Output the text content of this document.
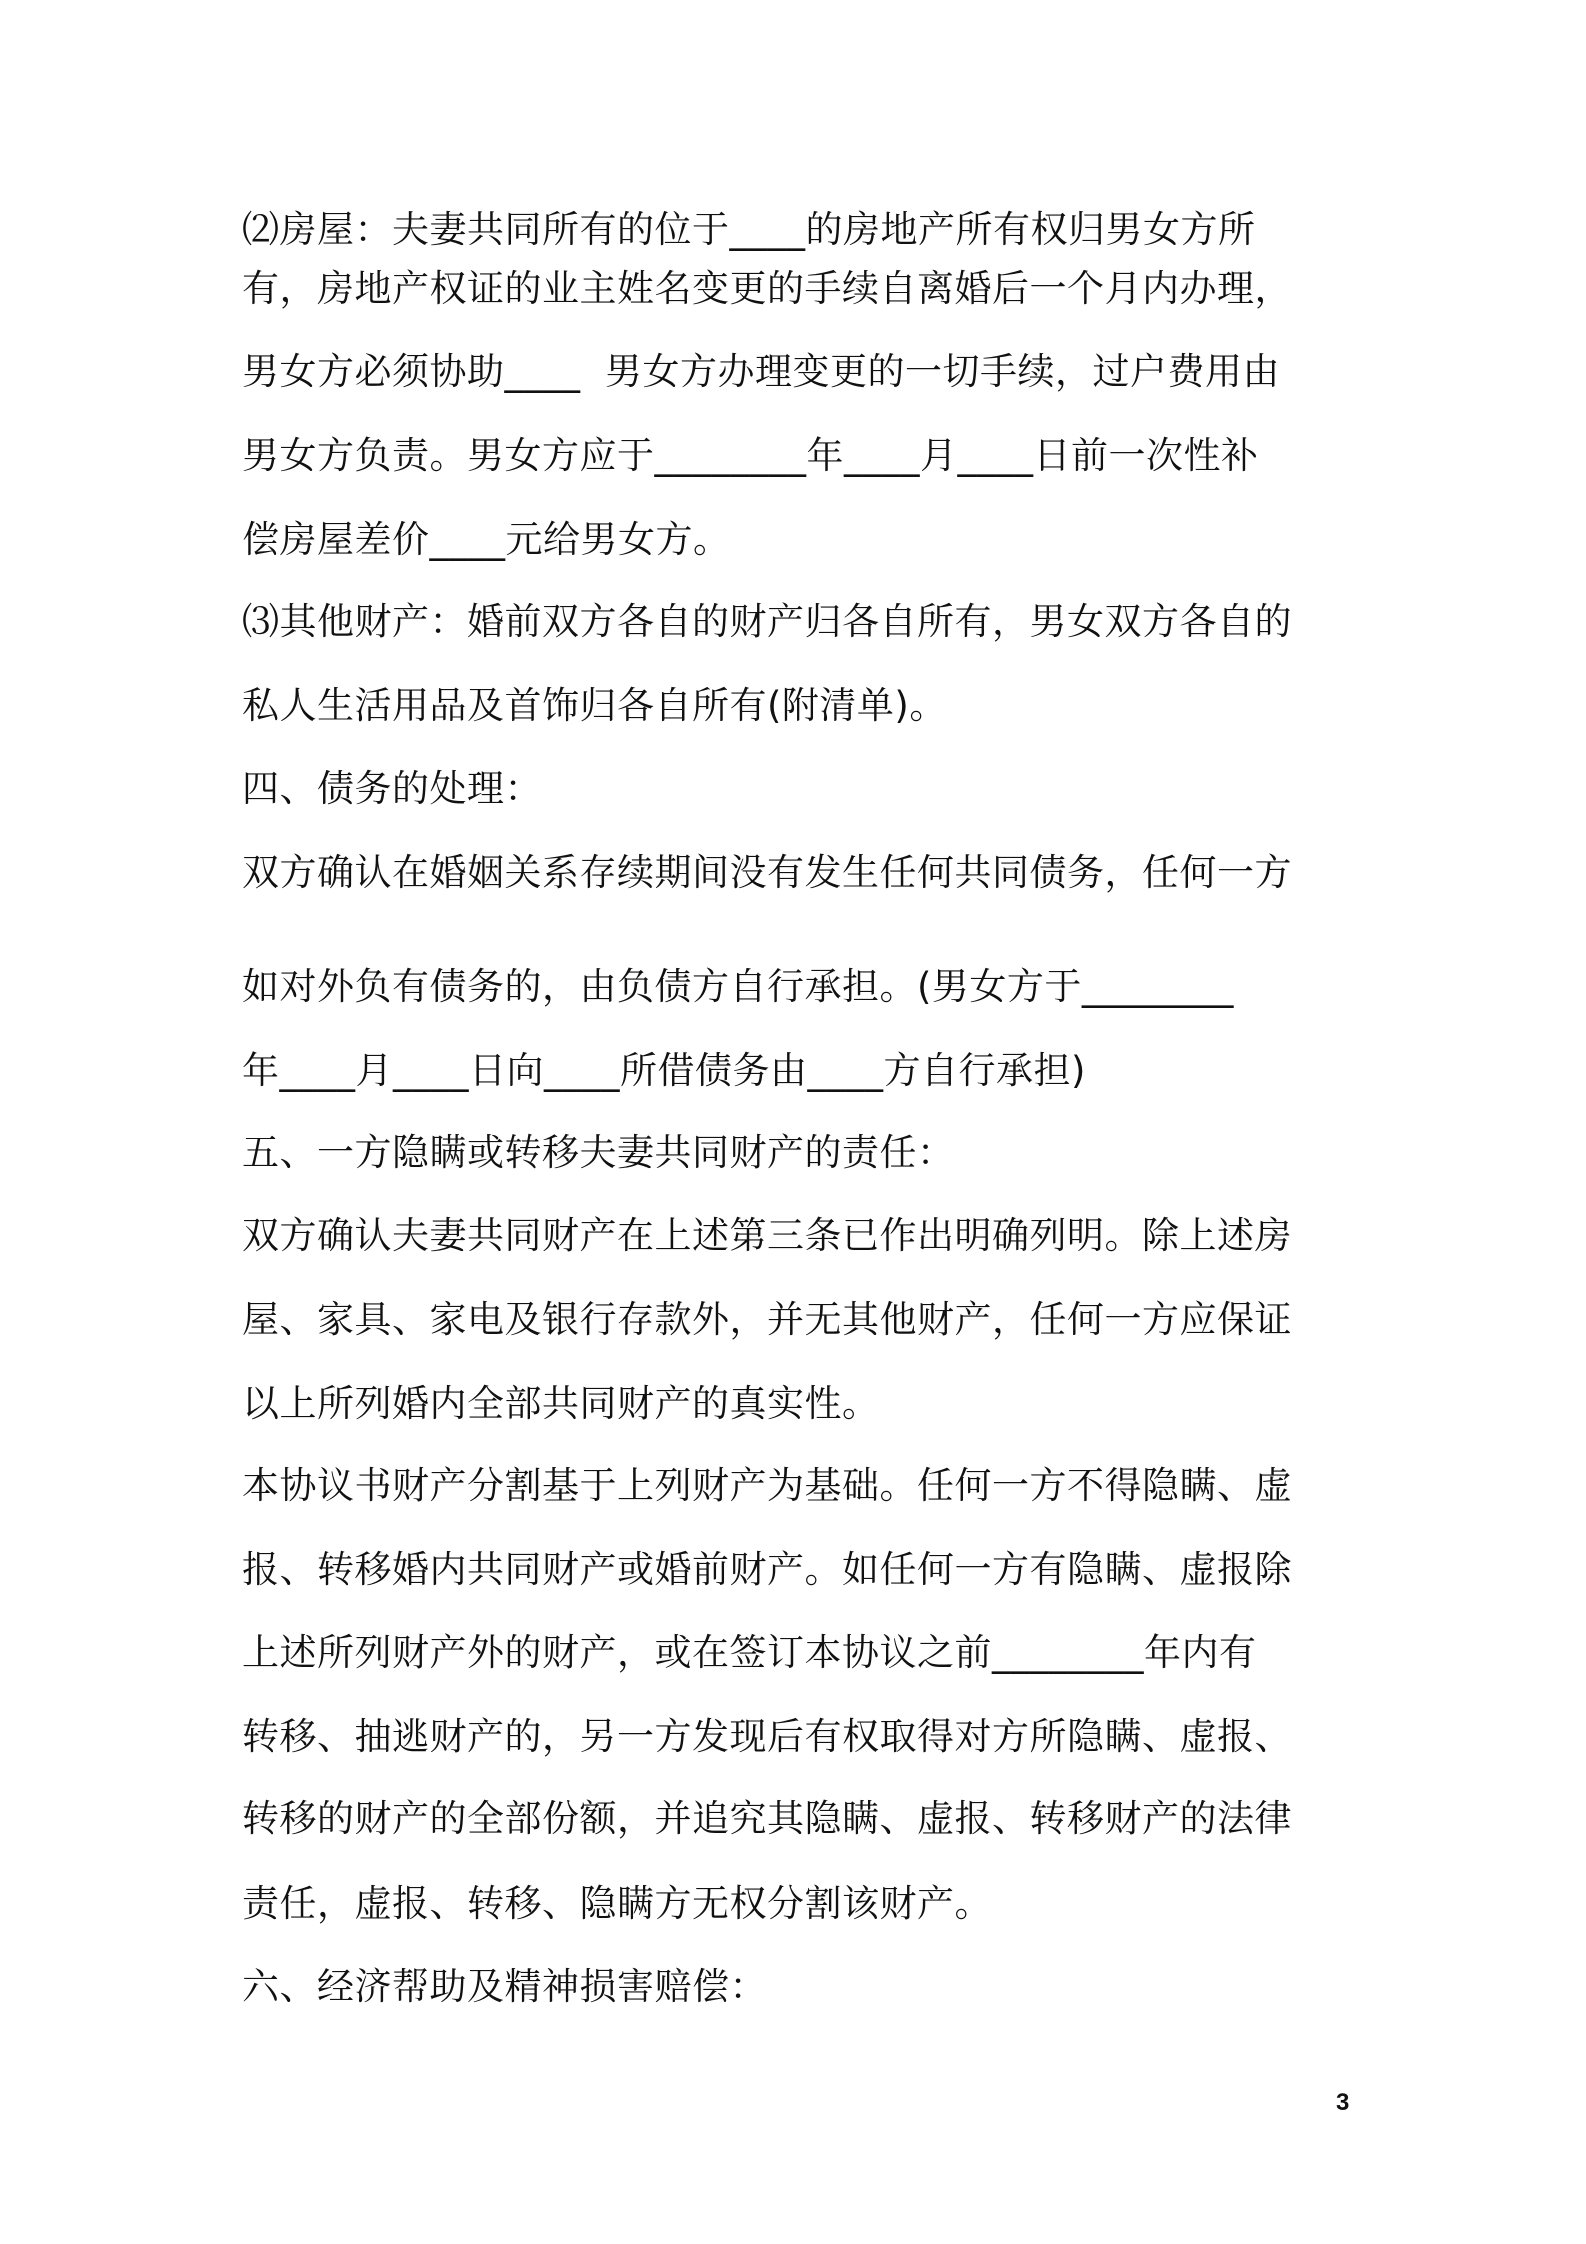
⑵房屋：夫妻共同所有的位于____的房地产所有权归男女方所
有，房地产权证的业主姓名变更的手续自离婚后一个月内办理，
男女方必须协助____  男女方办理变更的一切手续，过户费用由
男女方负责。男女方应于________年____月____日前一次性补
偿房屋差价____元给男女方。
⑶其他财产：婚前双方各自的财产归各自所有，男女双方各自的
私人生活用品及首饰归各自所有(附清单)。
四、债务的处理：
双方确认在婚姻关系存续期间没有发生任何共同债务，任何一方
如对外负有债务的，由负债方自行承担。(男女方于________
年____月____日向____所借债务由____方自行承担)
五、一方隐瞒或转移夫妻共同财产的责任：
双方确认夫妻共同财产在上述第三条已作出明确列明。除上述房
屋、家具、家电及银行存款外，并无其他财产，任何一方应保证
以上所列婚内全部共同财产的真实性。
本协议书财产分割基于上列财产为基础。任何一方不得隐瞒、虚
报、转移婚内共同财产或婚前财产。如任何一方有隐瞒、虚报除
上述所列财产外的财产，或在签订本协议之前________年内有
转移、抽逃财产的，另一方发现后有权取得对方所隐瞒、虚报、
转移的财产的全部份额，并追究其隐瞒、虚报、转移财产的法律
责任，虚报、转移、隐瞒方无权分割该财产。
六、经济帮助及精神损害赔偿：
3
